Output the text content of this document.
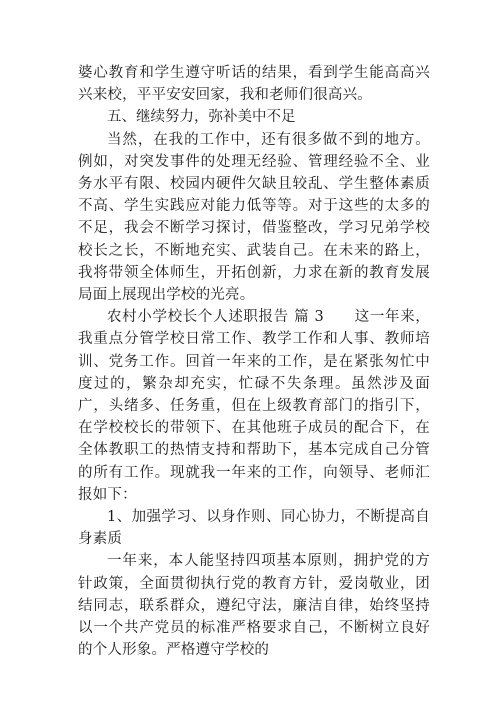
婆心教育和学生遵守听话的结果，看到学生能高高兴兴来校，平平安安回家，我和老师们很高兴。

五、继续努力，弥补美中不足

当然，在我的工作中，还有很多做不到的地方。例如，对突发事件的处理无经验、管理经验不全、业务水平有限、校园内硬件欠缺且较乱、学生整体素质不高、学生实践应对能力低等等。对于这些的太多的不足，我会不断学习探讨，借鉴整改，学习兄弟学校校长之长，不断地充实、武装自己。在未来的路上，我将带领全体师生，开拓创新，力求在新的教育发展局面上展现出学校的光亮。

农村小学校长个人述职报告 篇 3　　这一年来，我重点分管学校日常工作、教学工作和人事、教师培训、党务工作。回首一年来的工作，是在紧张匆忙中度过的，繁杂却充实，忙碌不失条理。虽然涉及面广，头绪多、任务重，但在上级教育部门的指引下，在学校校长的带领下、在其他班子成员的配合下，在全体教职工的热情支持和帮助下，基本完成自己分管的所有工作。现就我一年来的工作，向领导、老师汇报如下：

1、加强学习、以身作则、同心协力，不断提高自身素质

一年来，本人能坚持四项基本原则，拥护党的方针政策，全面贯彻执行党的教育方针，爱岗敬业，团结同志，联系群众，遵纪守法，廉洁自律，始终坚持以一个共产党员的标准严格要求自己，不断树立良好的个人形象。严格遵守学校的
